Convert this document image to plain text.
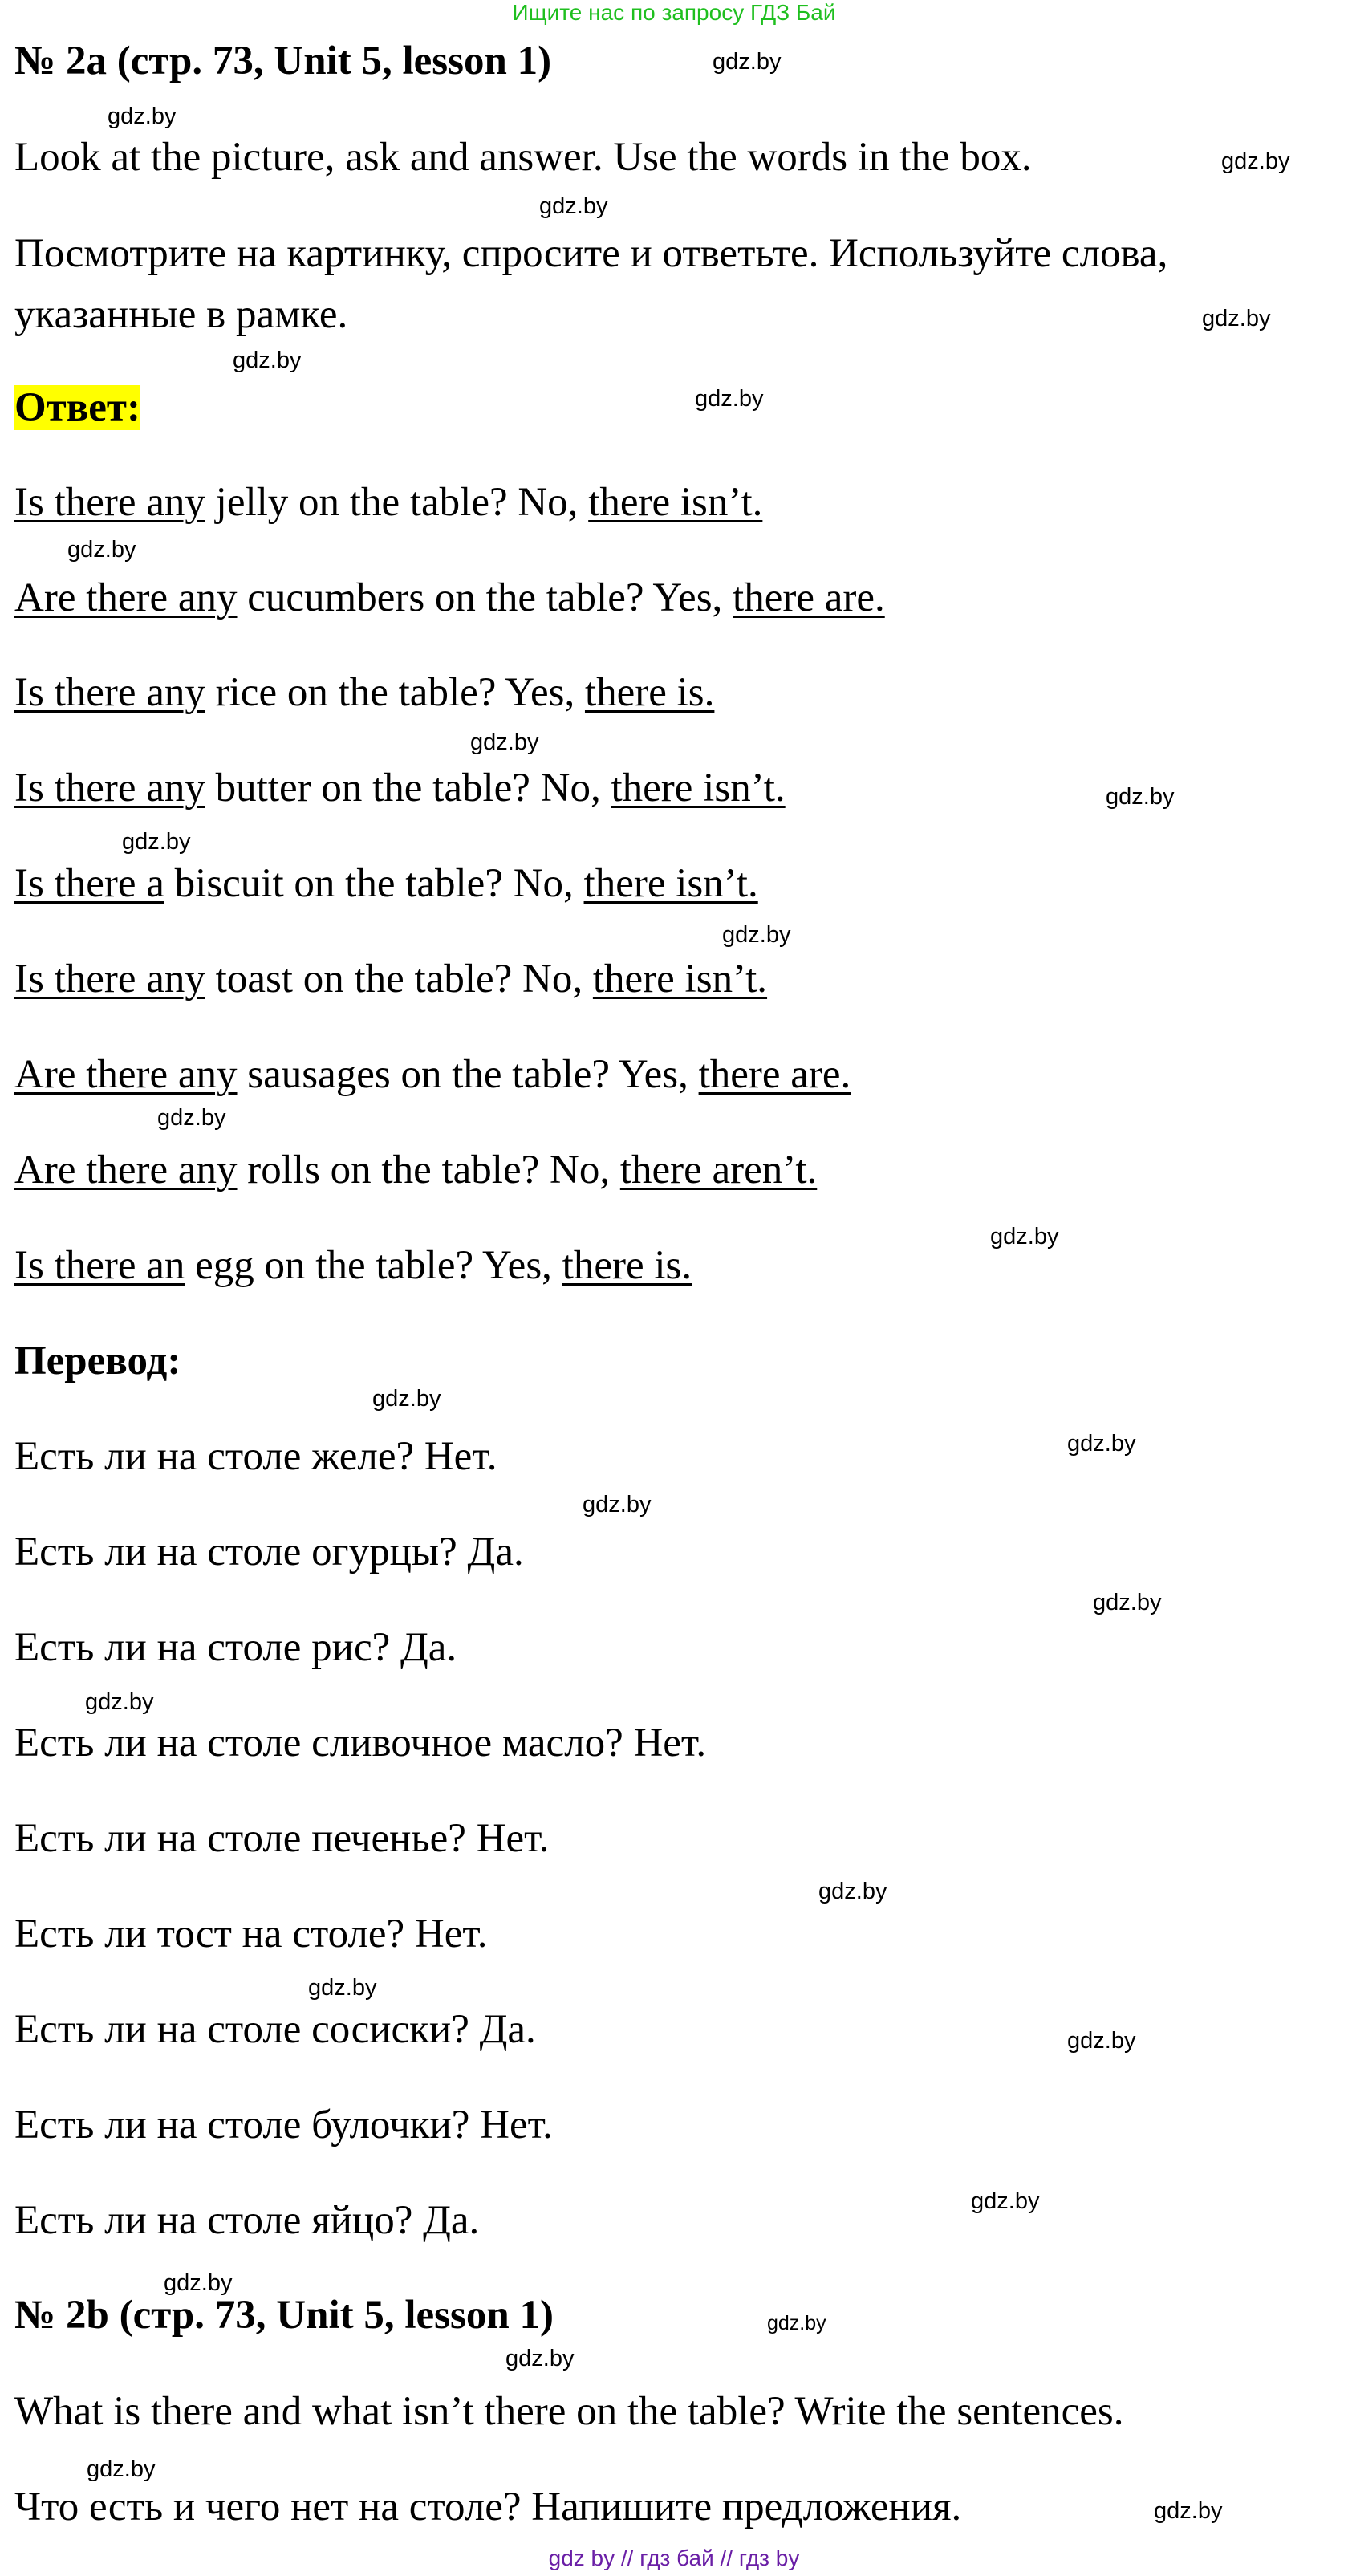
Ищите нас по запросу ГДЗ Бай
№ 2a (стр. 73, Unit 5, lesson 1)
Look at the picture, ask and answer. Use the words in the box.
Посмотрите на картинку, спросите и ответьте. Используйте слова,
указанные в рамке.
Ответ:
Is there any jelly on the table? No, there isn’t.
Are there any cucumbers on the table? Yes, there are.
Is there any rice on the table? Yes, there is.
Is there any butter on the table? No, there isn’t.
Is there a biscuit on the table? No, there isn’t.
Is there any toast on the table? No, there isn’t.
Are there any sausages on the table? Yes, there are.
Are there any rolls on the table? No, there aren’t.
Is there an egg on the table? Yes, there is.
Перевод:
Есть ли на столе желе? Нет.
Есть ли на столе огурцы? Да.
Есть ли на столе рис? Да.
Есть ли на столе сливочное масло? Нет.
Есть ли на столе печенье? Нет.
Есть ли тост на столе? Нет.
Есть ли на столе сосиски? Да.
Есть ли на столе булочки? Нет.
Есть ли на столе яйцо? Да.
№ 2b (стр. 73, Unit 5, lesson 1)
What is there and what isn’t there on the table? Write the sentences.
Что есть и чего нет на столе? Напишите предложения.
gdz.by
gdz.by
gdz.by
gdz.by
gdz.by
gdz.by
gdz.by
gdz.by
gdz.by
gdz.by
gdz.by
gdz.by
gdz.by
gdz.by
gdz.by
gdz.by
gdz.by
gdz.by
gdz.by
gdz.by
gdz.by
gdz.by
gdz.by
gdz.by
gdz.by
gdz.by
gdz.by
gdz.by
gdz by // гдз бай // гдз by
